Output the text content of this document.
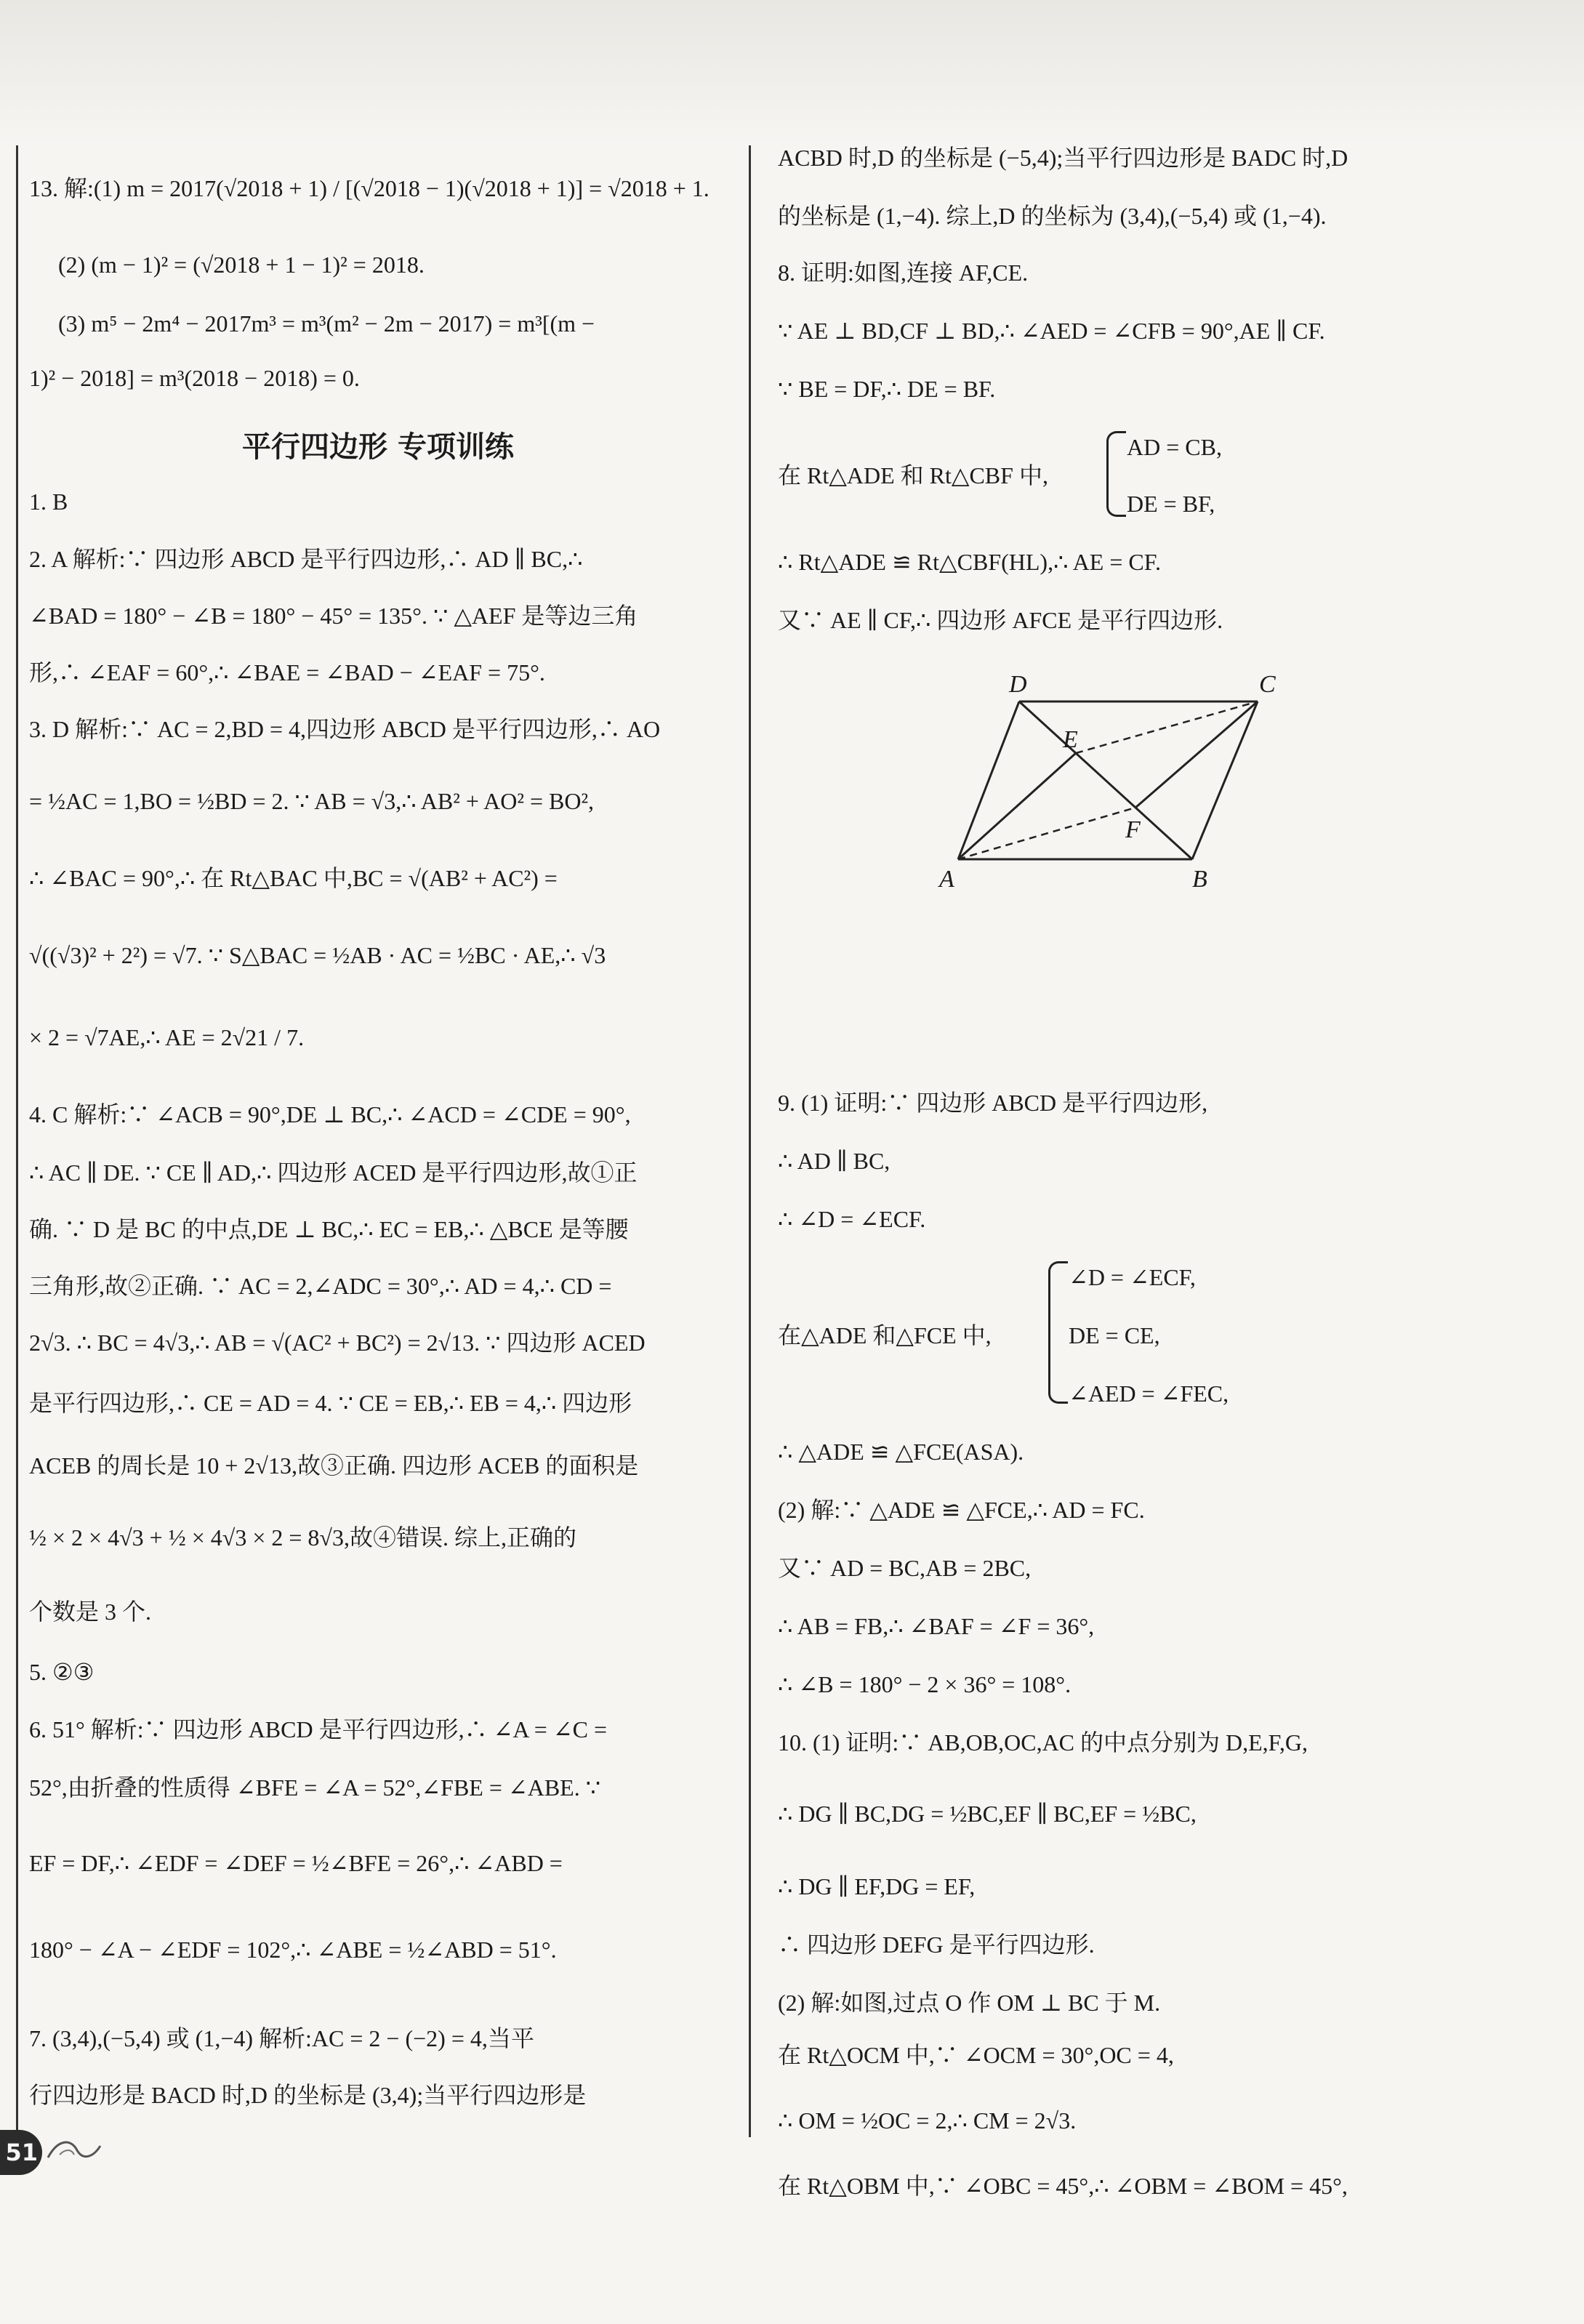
13. 解:(1) m = 2017(√2018 + 1) / [(√2018 − 1)(√2018 + 1)] = √2018 + 1.
(2) (m − 1)² = (√2018 + 1 − 1)² = 2018.
(3) m⁵ − 2m⁴ − 2017m³ = m³(m² − 2m − 2017) = m³[(m −
1)² − 2018] = m³(2018 − 2018) = 0.
平行四边形 专项训练
1. B
2. A 解析:∵ 四边形 ABCD 是平行四边形,∴ AD ∥ BC,∴
∠BAD = 180° − ∠B = 180° − 45° = 135°. ∵ △AEF 是等边三角
形,∴ ∠EAF = 60°,∴ ∠BAE = ∠BAD − ∠EAF = 75°.
3. D 解析:∵ AC = 2,BD = 4,四边形 ABCD 是平行四边形,∴ AO
= ½AC = 1,BO = ½BD = 2. ∵ AB = √3,∴ AB² + AO² = BO²,
∴ ∠BAC = 90°,∴ 在 Rt△BAC 中,BC = √(AB² + AC²) =
√((√3)² + 2²) = √7. ∵ S△BAC = ½AB · AC = ½BC · AE,∴ √3
× 2 = √7AE,∴ AE = 2√21 / 7.
4. C 解析:∵ ∠ACB = 90°,DE ⊥ BC,∴ ∠ACD = ∠CDE = 90°,
∴ AC ∥ DE. ∵ CE ∥ AD,∴ 四边形 ACED 是平行四边形,故①正
确. ∵ D 是 BC 的中点,DE ⊥ BC,∴ EC = EB,∴ △BCE 是等腰
三角形,故②正确. ∵ AC = 2,∠ADC = 30°,∴ AD = 4,∴ CD =
2√3. ∴ BC = 4√3,∴ AB = √(AC² + BC²) = 2√13. ∵ 四边形 ACED
是平行四边形,∴ CE = AD = 4. ∵ CE = EB,∴ EB = 4,∴ 四边形
ACEB 的周长是 10 + 2√13,故③正确. 四边形 ACEB 的面积是
½ × 2 × 4√3 + ½ × 4√3 × 2 = 8√3,故④错误. 综上,正确的
个数是 3 个.
5. ②③
6. 51° 解析:∵ 四边形 ABCD 是平行四边形,∴ ∠A = ∠C =
52°,由折叠的性质得 ∠BFE = ∠A = 52°,∠FBE = ∠ABE. ∵
EF = DF,∴ ∠EDF = ∠DEF = ½∠BFE = 26°,∴ ∠ABD =
180° − ∠A − ∠EDF = 102°,∴ ∠ABE = ½∠ABD = 51°.
7. (3,4),(−5,4) 或 (1,−4) 解析:AC = 2 − (−2) = 4,当平
行四边形是 BACD 时,D 的坐标是 (3,4);当平行四边形是
ACBD 时,D 的坐标是 (−5,4);当平行四边形是 BADC 时,D
的坐标是 (1,−4). 综上,D 的坐标为 (3,4),(−5,4) 或 (1,−4).
8. 证明:如图,连接 AF,CE.
∵ AE ⊥ BD,CF ⊥ BD,∴ ∠AED = ∠CFB = 90°,AE ∥ CF.
∵ BE = DF,∴ DE = BF.
AD = CB,
在 Rt△ADE 和 Rt△CBF 中,
DE = BF,
∴ Rt△ADE ≌ Rt△CBF(HL),∴ AE = CF.
又∵ AE ∥ CF,∴ 四边形 AFCE 是平行四边形.
9. (1) 证明:∵ 四边形 ABCD 是平行四边形,
∴ AD ∥ BC,
∴ ∠D = ∠ECF.
∠D = ∠ECF,
在△ADE 和△FCE 中,
∠AED = ∠FEC,
∴ △ADE ≌ △FCE(ASA).
(2) 解:∵ △ADE ≌ △FCE,∴ AD = FC.
又∵ AD = BC,AB = 2BC,
∴ AB = FB,∴ ∠BAF = ∠F = 36°,
∴ ∠B = 180° − 2 × 36° = 108°.
10. (1) 证明:∵ AB,OB,OC,AC 的中点分别为 D,E,F,G,
∴ DG ∥ BC,DG = ½BC,EF ∥ BC,EF = ½BC,
∴ DG ∥ EF,DG = EF,
∴ 四边形 DEFG 是平行四边形.
(2) 解:如图,过点 O 作 OM ⊥ BC 于 M.
在 Rt△OCM 中,∵ ∠OCM = 30°,OC = 4,
∴ OM = ½OC = 2,∴ CM = 2√3.
在 Rt△OBM 中,∵ ∠OBC = 45°,∴ ∠OBM = ∠BOM = 45°,
DE = CE,
D	C
E
F
A	B
51
